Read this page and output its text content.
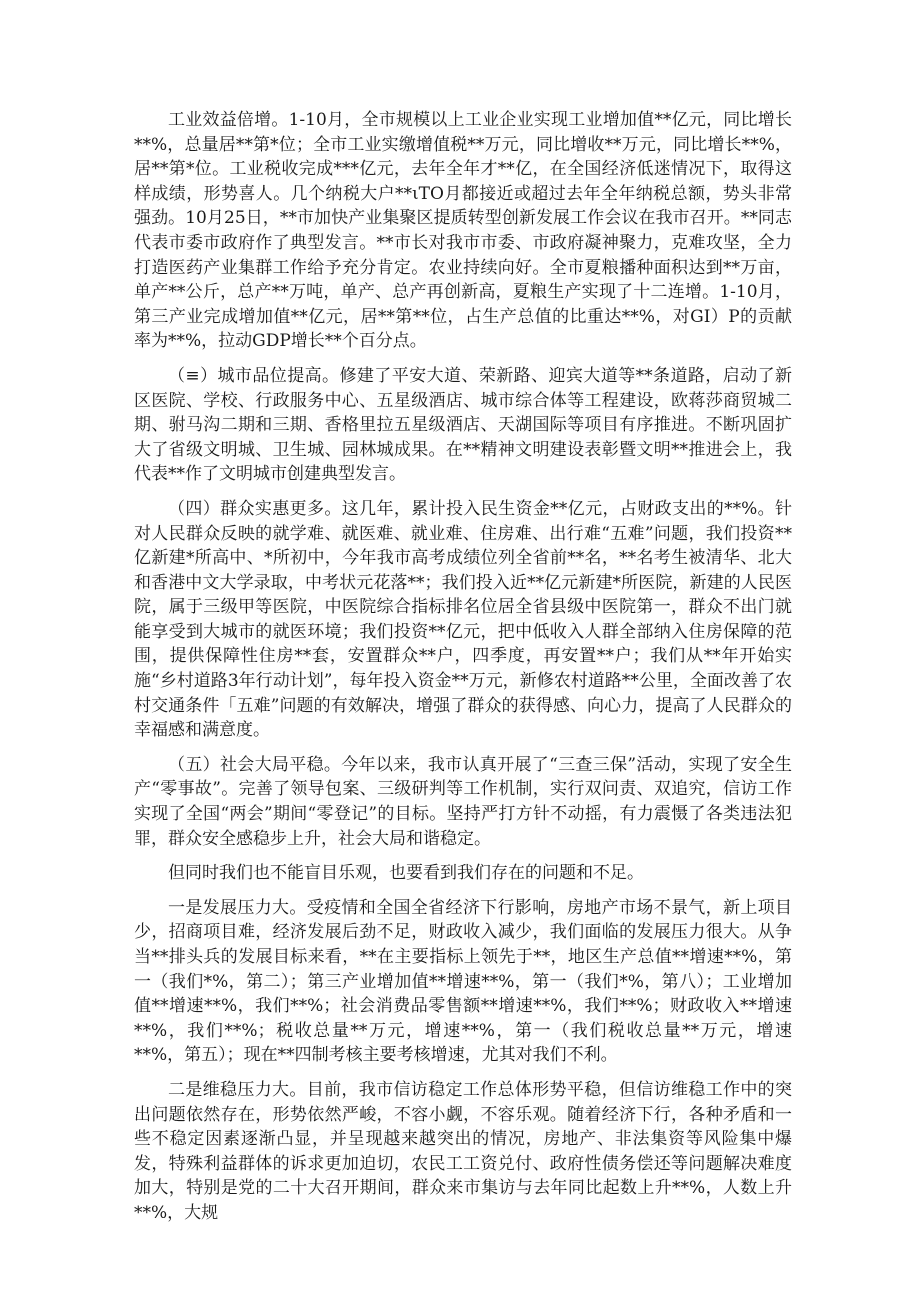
工业效益倍增。1-10月，全市规模以上工业企业实现工业增加值**亿元，同比增长**%，总量居**第*位；全市工业实缴增值税**万元，同比增收**万元，同比增长**%，居**第*位。工业税收完成***亿元，去年全年才**亿，在全国经济低迷情况下，取得这样成绩，形势喜人。几个纳税大户**ιTO月都接近或超过去年全年纳税总额，势头非常强劲。10月25日，**市加快产业集聚区提质转型创新发展工作会议在我市召开。**同志代表市委市政府作了典型发言。**市长对我市市委、市政府凝神聚力，克难攻坚，全力打造医药产业集群工作给予充分肯定。农业持续向好。全市夏粮播种面积达到**万亩，单产**公斤，总产**万吨，单产、总产再创新高，夏粮生产实现了十二连增。1-10月，第三产业完成增加值**亿元，居**第**位，占生产总值的比重达**%，对GI）P的贡献率为**%，拉动GDP增长**个百分点。

（≡）城市品位提高。修建了平安大道、荣新路、迎宾大道等**条道路，启动了新区医院、学校、行政服务中心、五星级酒店、城市综合体等工程建设，欧蒋莎商贸城二期、驸马沟二期和三期、香格里拉五星级酒店、天湖国际等项目有序推进。不断巩固扩大了省级文明城、卫生城、园林城成果。在**精神文明建设表彰暨文明**推进会上，我代表**作了文明城市创建典型发言。

（四）群众实惠更多。这几年，累计投入民生资金**亿元，占财政支出的**%。针对人民群众反映的就学难、就医难、就业难、住房难、出行难“五难”问题，我们投资**亿新建*所高中、*所初中，今年我市高考成绩位列全省前**名，**名考生被清华、北大和香港中文大学录取，中考状元花落**；我们投入近**亿元新建*所医院，新建的人民医院，属于三级甲等医院，中医院综合指标排名位居全省县级中医院第一，群众不出门就能享受到大城市的就医环境；我们投资**亿元，把中低收入人群全部纳入住房保障的范围，提供保障性住房**套，安置群众**户，四季度，再安置**户；我们从**年开始实施“乡村道路3年行动计划”，每年投入资金**万元，新修农村道路**公里，全面改善了农村交通条件「五难”问题的有效解决，增强了群众的获得感、向心力，提高了人民群众的幸福感和满意度。

（五）社会大局平稳。今年以来，我市认真开展了“三查三保”活动，实现了安全生产“零事故”。完善了领导包案、三级研判等工作机制，实行双问责、双追究，信访工作实现了全国“两会”期间“零登记”的目标。坚持严打方针不动摇，有力震慑了各类违法犯罪，群众安全感稳步上升，社会大局和谐稳定。

但同时我们也不能盲目乐观，也要看到我们存在的问题和不足。

一是发展压力大。受疫情和全国全省经济下行影响，房地产市场不景气，新上项目少，招商项目难，经济发展后劲不足，财政收入减少，我们面临的发展压力很大。从争当**排头兵的发展目标来看，**在主要指标上领先于**，地区生产总值**增速**%，第一（我们*%，第二）；第三产业增加值**增速**%，第一（我们*%，第八）；工业增加值**增速**%，我们**%；社会消费品零售额**增速**%，我们**%；财政收入**增速**%，我们**%；税收总量**万元，增速**%，第一（我们税收总量**万元，增速**%，第五）；现在**四制考核主要考核增速，尤其对我们不利。

二是维稳压力大。目前，我市信访稳定工作总体形势平稳，但信访维稳工作中的突出问题依然存在，形势依然严峻，不容小觑，不容乐观。随着经济下行，各种矛盾和一些不稳定因素逐渐凸显，并呈现越来越突出的情况，房地产、非法集资等风险集中爆发，特殊利益群体的诉求更加迫切，农民工工资兑付、政府性债务偿还等问题解决难度加大，特别是党的二十大召开期间，群众来市集访与去年同比起数上升**%，人数上升**%，大规
